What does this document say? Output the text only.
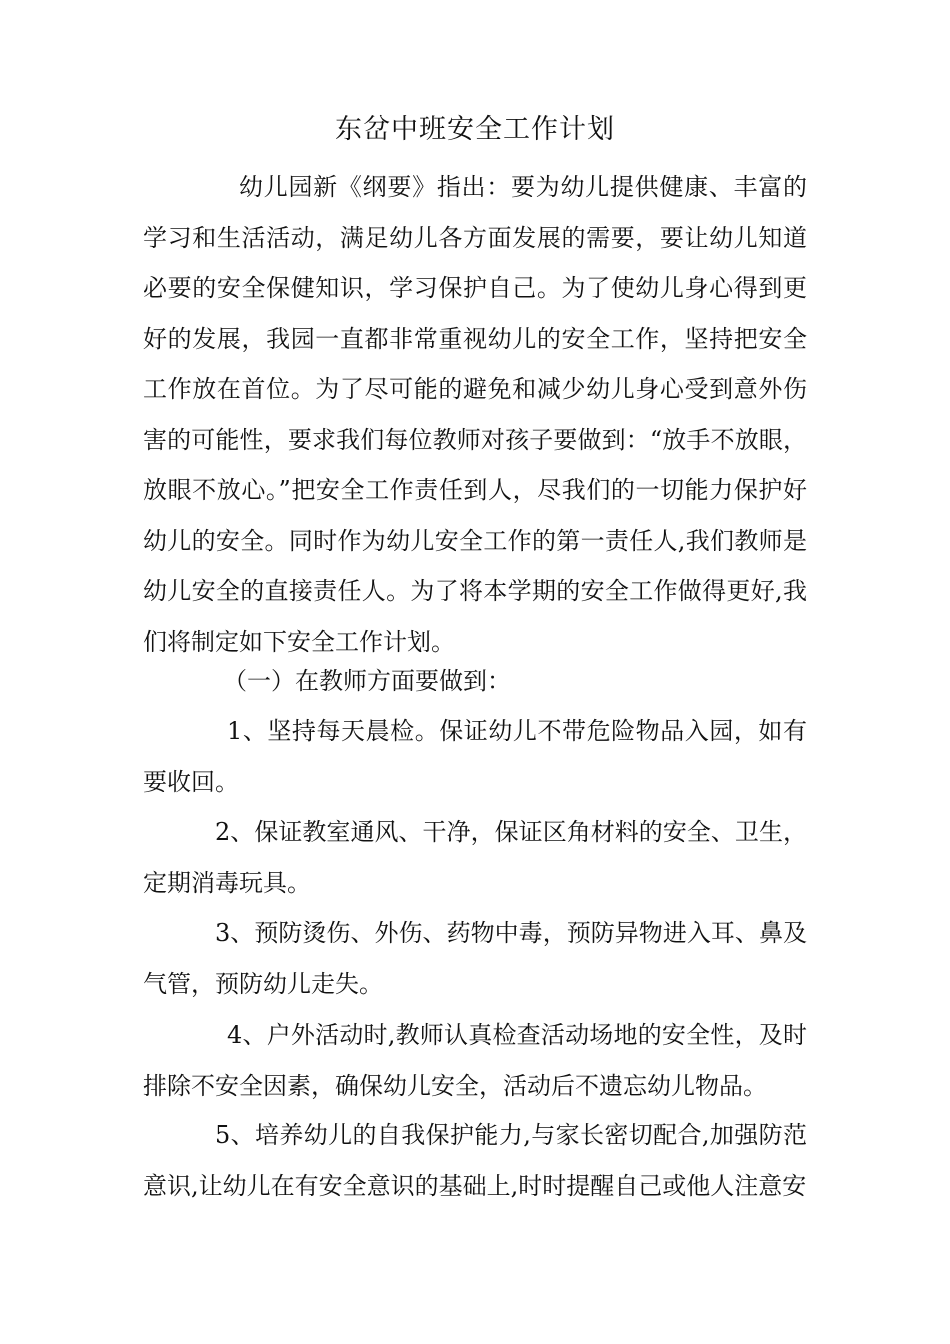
东岔中班安全工作计划

幼儿园新《纲要》指出：要为幼儿提供健康、丰富的学习和生活活动，满足幼儿各方面发展的需要，要让幼儿知道必要的安全保健知识，学习保护自己。为了使幼儿身心得到更好的发展，我园一直都非常重视幼儿的安全工作，坚持把安全工作放在首位。为了尽可能的避免和减少幼儿身心受到意外伤害的可能性，要求我们每位教师对孩子要做到：“放手不放眼，放眼不放心。”把安全工作责任到人，尽我们的一切能力保护好幼儿的安全。同时作为幼儿安全工作的第一责任人,我们教师是幼儿安全的直接责任人。为了将本学期的安全工作做得更好,我们将制定如下安全工作计划。

（一）在教师方面要做到：

1、坚持每天晨检。保证幼儿不带危险物品入园，如有要收回。

2、保证教室通风、干净，保证区角材料的安全、卫生，定期消毒玩具。

3、预防烫伤、外伤、药物中毒，预防异物进入耳、鼻及气管，预防幼儿走失。

4、户外活动时,教师认真检查活动场地的安全性，及时排除不安全因素，确保幼儿安全，活动后不遗忘幼儿物品。

5、培养幼儿的自我保护能力,与家长密切配合,加强防范意识,让幼儿在有安全意识的基础上,时时提醒自己或他人注意安
